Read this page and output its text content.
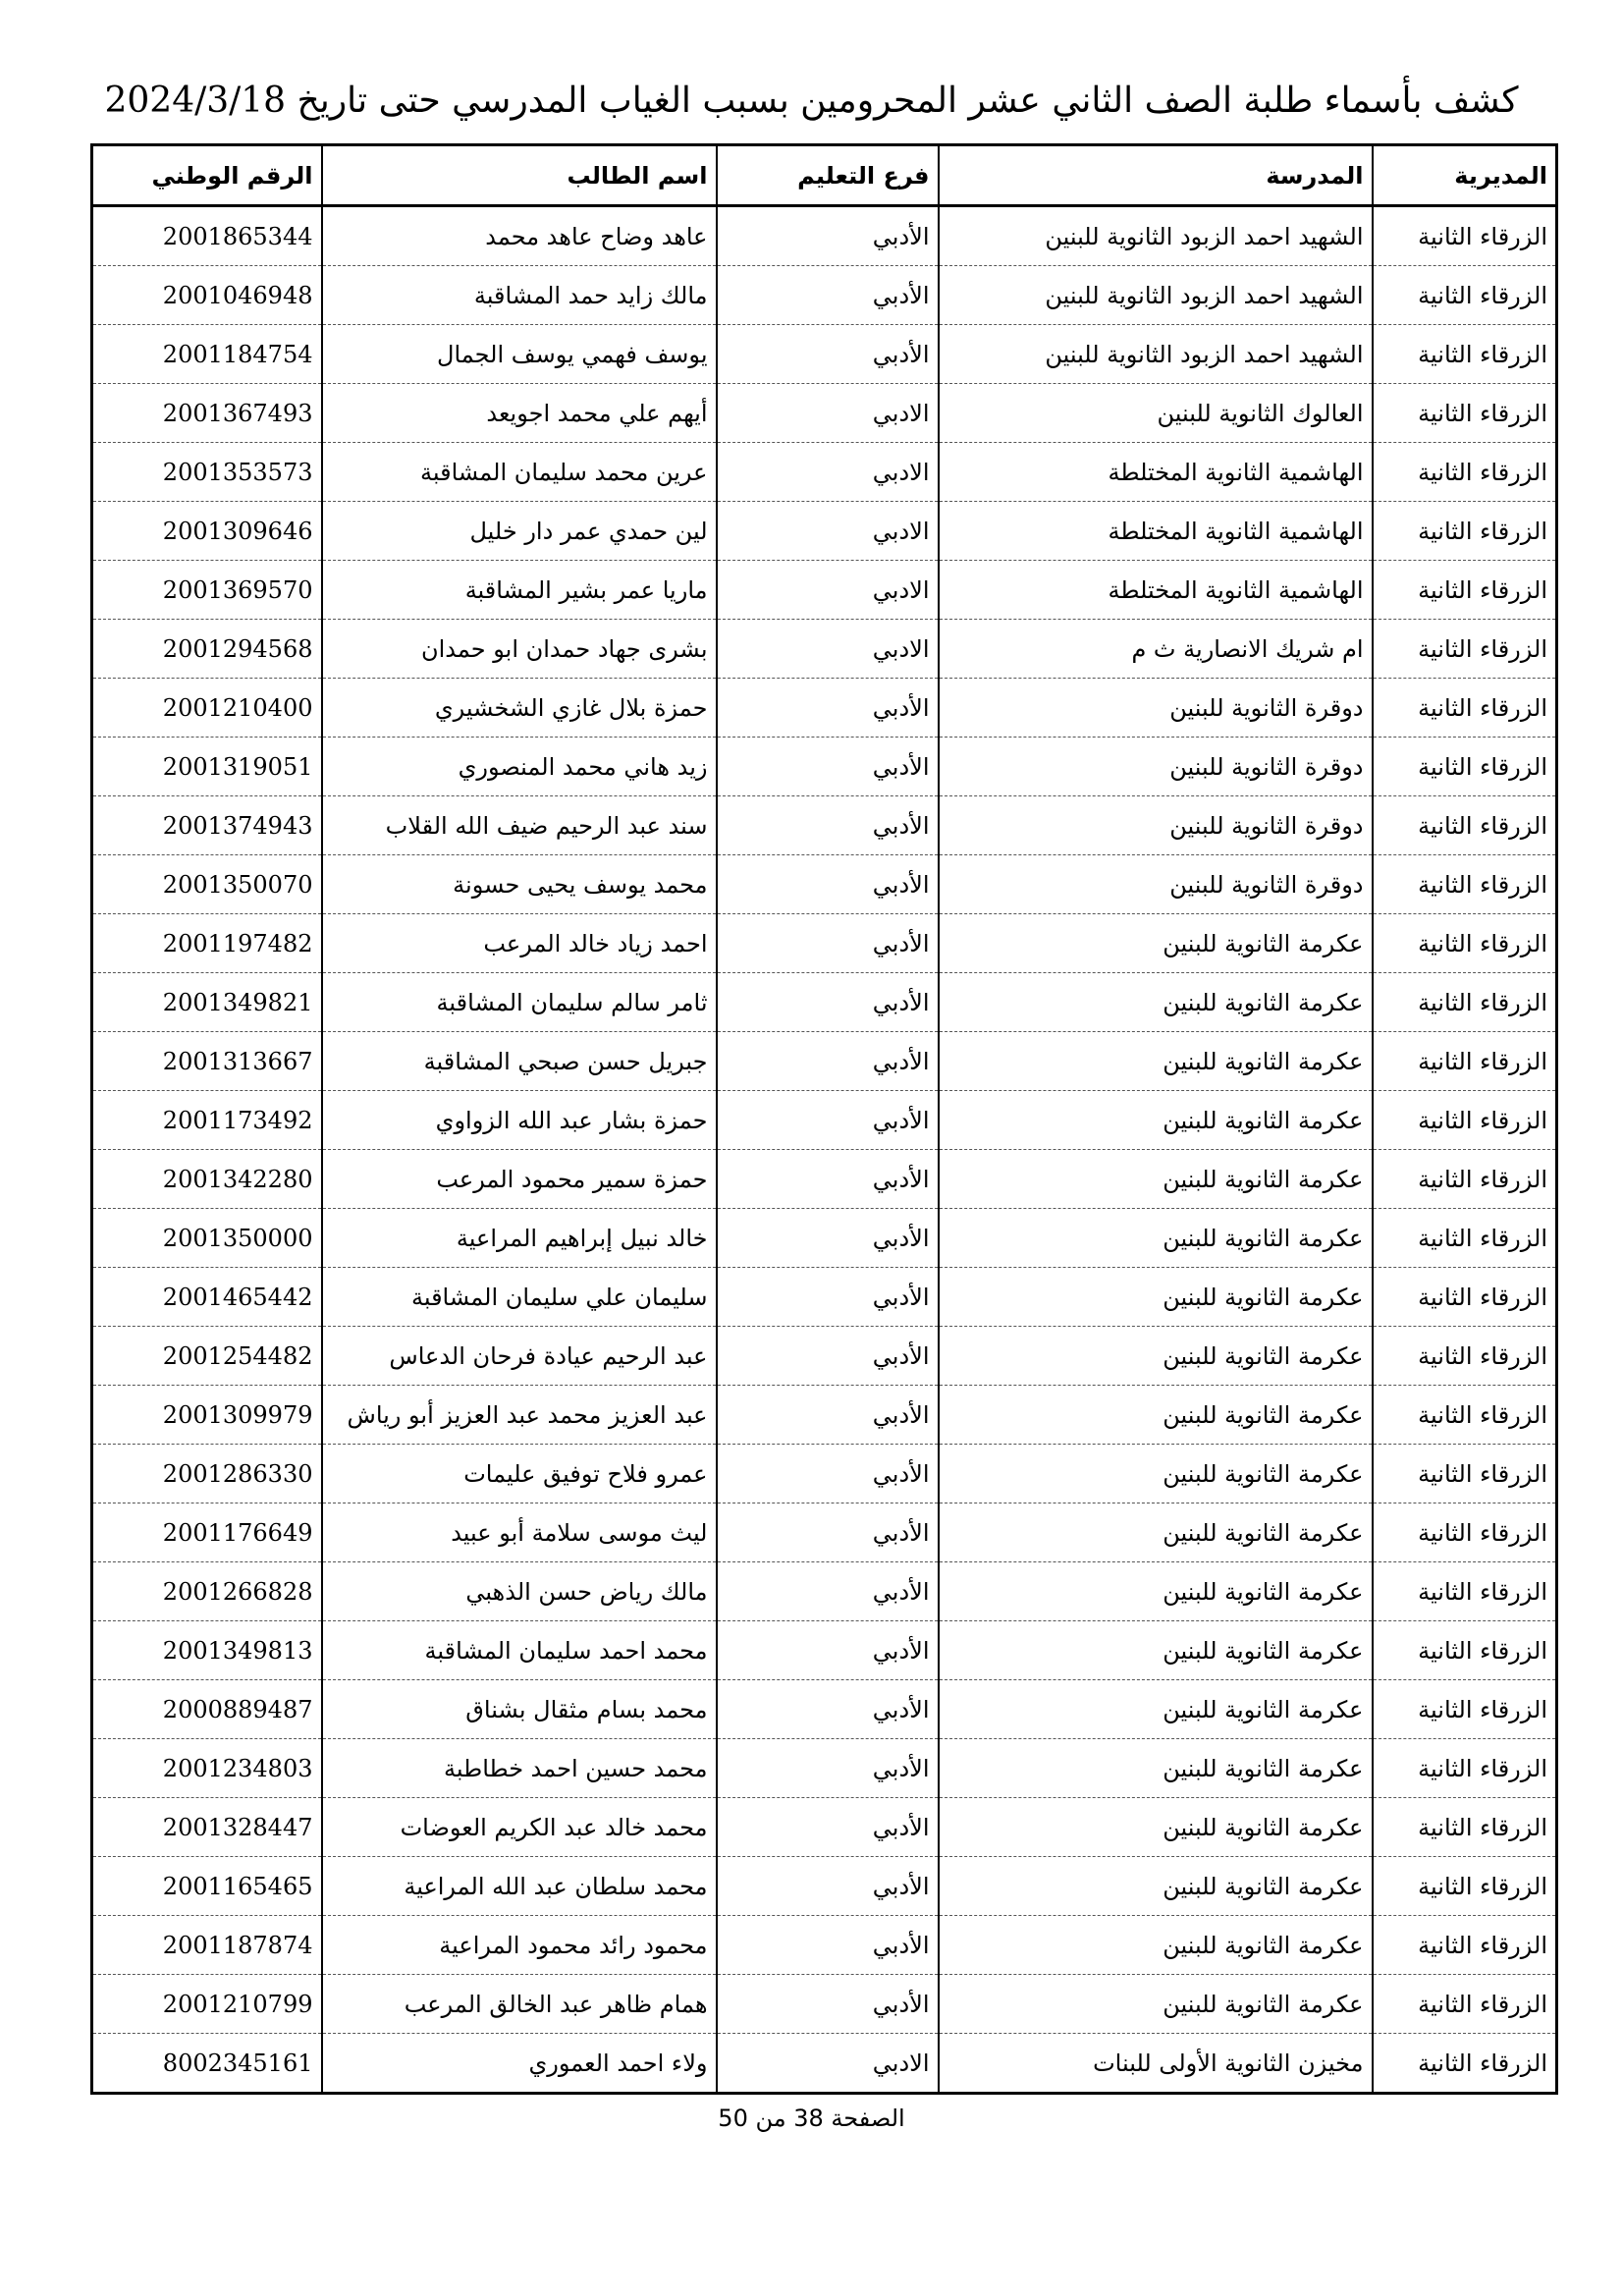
كشف بأسماء طلبة الصف الثاني عشر المحرومين بسبب الغياب المدرسي حتى تاريخ 2024/3/18
المديرية	المدرسة	فرع التعليم	اسم الطالب	الرقم الوطني
الزرقاء الثانية	الشهيد احمد الزبود الثانوية للبنين	الأدبي	عاهد وضاح عاهد محمد	2001865344
الزرقاء الثانية	الشهيد احمد الزبود الثانوية للبنين	الأدبي	مالك زايد حمد المشاقبة	2001046948
الزرقاء الثانية	الشهيد احمد الزبود الثانوية للبنين	الأدبي	يوسف فهمي يوسف الجمال	2001184754
الزرقاء الثانية	العالوك الثانوية للبنين	الادبي	أيهم علي محمد اجويعد	2001367493
الزرقاء الثانية	الهاشمية الثانوية المختلطة	الادبي	عرين محمد سليمان المشاقبة	2001353573
الزرقاء الثانية	الهاشمية الثانوية المختلطة	الادبي	لين حمدي عمر دار خليل	2001309646
الزرقاء الثانية	الهاشمية الثانوية المختلطة	الادبي	ماريا عمر بشير المشاقبة	2001369570
الزرقاء الثانية	ام شريك الانصارية ث م	الادبي	بشرى جهاد حمدان ابو حمدان	2001294568
الزرقاء الثانية	دوقرة الثانوية للبنين	الأدبي	حمزة بلال غازي الشخشيري	2001210400
الزرقاء الثانية	دوقرة الثانوية للبنين	الأدبي	زيد هاني محمد المنصوري	2001319051
الزرقاء الثانية	دوقرة الثانوية للبنين	الأدبي	سند عبد الرحيم ضيف الله القلاب	2001374943
الزرقاء الثانية	دوقرة الثانوية للبنين	الأدبي	محمد يوسف يحيى حسونة	2001350070
الزرقاء الثانية	عكرمة الثانوية للبنين	الأدبي	احمد زياد خالد المرعب	2001197482
الزرقاء الثانية	عكرمة الثانوية للبنين	الأدبي	ثامر سالم سليمان المشاقبة	2001349821
الزرقاء الثانية	عكرمة الثانوية للبنين	الأدبي	جبريل حسن صبحي المشاقبة	2001313667
الزرقاء الثانية	عكرمة الثانوية للبنين	الأدبي	حمزة بشار عبد الله الزواوي	2001173492
الزرقاء الثانية	عكرمة الثانوية للبنين	الأدبي	حمزة سمير محمود المرعب	2001342280
الزرقاء الثانية	عكرمة الثانوية للبنين	الأدبي	خالد نبيل إبراهيم المراعية	2001350000
الزرقاء الثانية	عكرمة الثانوية للبنين	الأدبي	سليمان علي سليمان المشاقبة	2001465442
الزرقاء الثانية	عكرمة الثانوية للبنين	الأدبي	عبد الرحيم عيادة فرحان الدعاس	2001254482
الزرقاء الثانية	عكرمة الثانوية للبنين	الأدبي	عبد العزيز محمد عبد العزيز أبو رياش	2001309979
الزرقاء الثانية	عكرمة الثانوية للبنين	الأدبي	عمرو فلاح توفيق عليمات	2001286330
الزرقاء الثانية	عكرمة الثانوية للبنين	الأدبي	ليث موسى سلامة أبو عبيد	2001176649
الزرقاء الثانية	عكرمة الثانوية للبنين	الأدبي	مالك رياض حسن الذهبي	2001266828
الزرقاء الثانية	عكرمة الثانوية للبنين	الأدبي	محمد احمد سليمان المشاقبة	2001349813
الزرقاء الثانية	عكرمة الثانوية للبنين	الأدبي	محمد بسام مثقال بشناق	2000889487
الزرقاء الثانية	عكرمة الثانوية للبنين	الأدبي	محمد حسين احمد خطاطبة	2001234803
الزرقاء الثانية	عكرمة الثانوية للبنين	الأدبي	محمد خالد عبد الكريم العوضات	2001328447
الزرقاء الثانية	عكرمة الثانوية للبنين	الأدبي	محمد سلطان عبد الله المراعية	2001165465
الزرقاء الثانية	عكرمة الثانوية للبنين	الأدبي	محمود رائد محمود المراعية	2001187874
الزرقاء الثانية	عكرمة الثانوية للبنين	الأدبي	همام ظاهر عبد الخالق المرعب	2001210799
الزرقاء الثانية	مخيزن الثانوية الأولى للبنات	الادبي	ولاء احمد العموري	8002345161
الصفحة 38 من 50
